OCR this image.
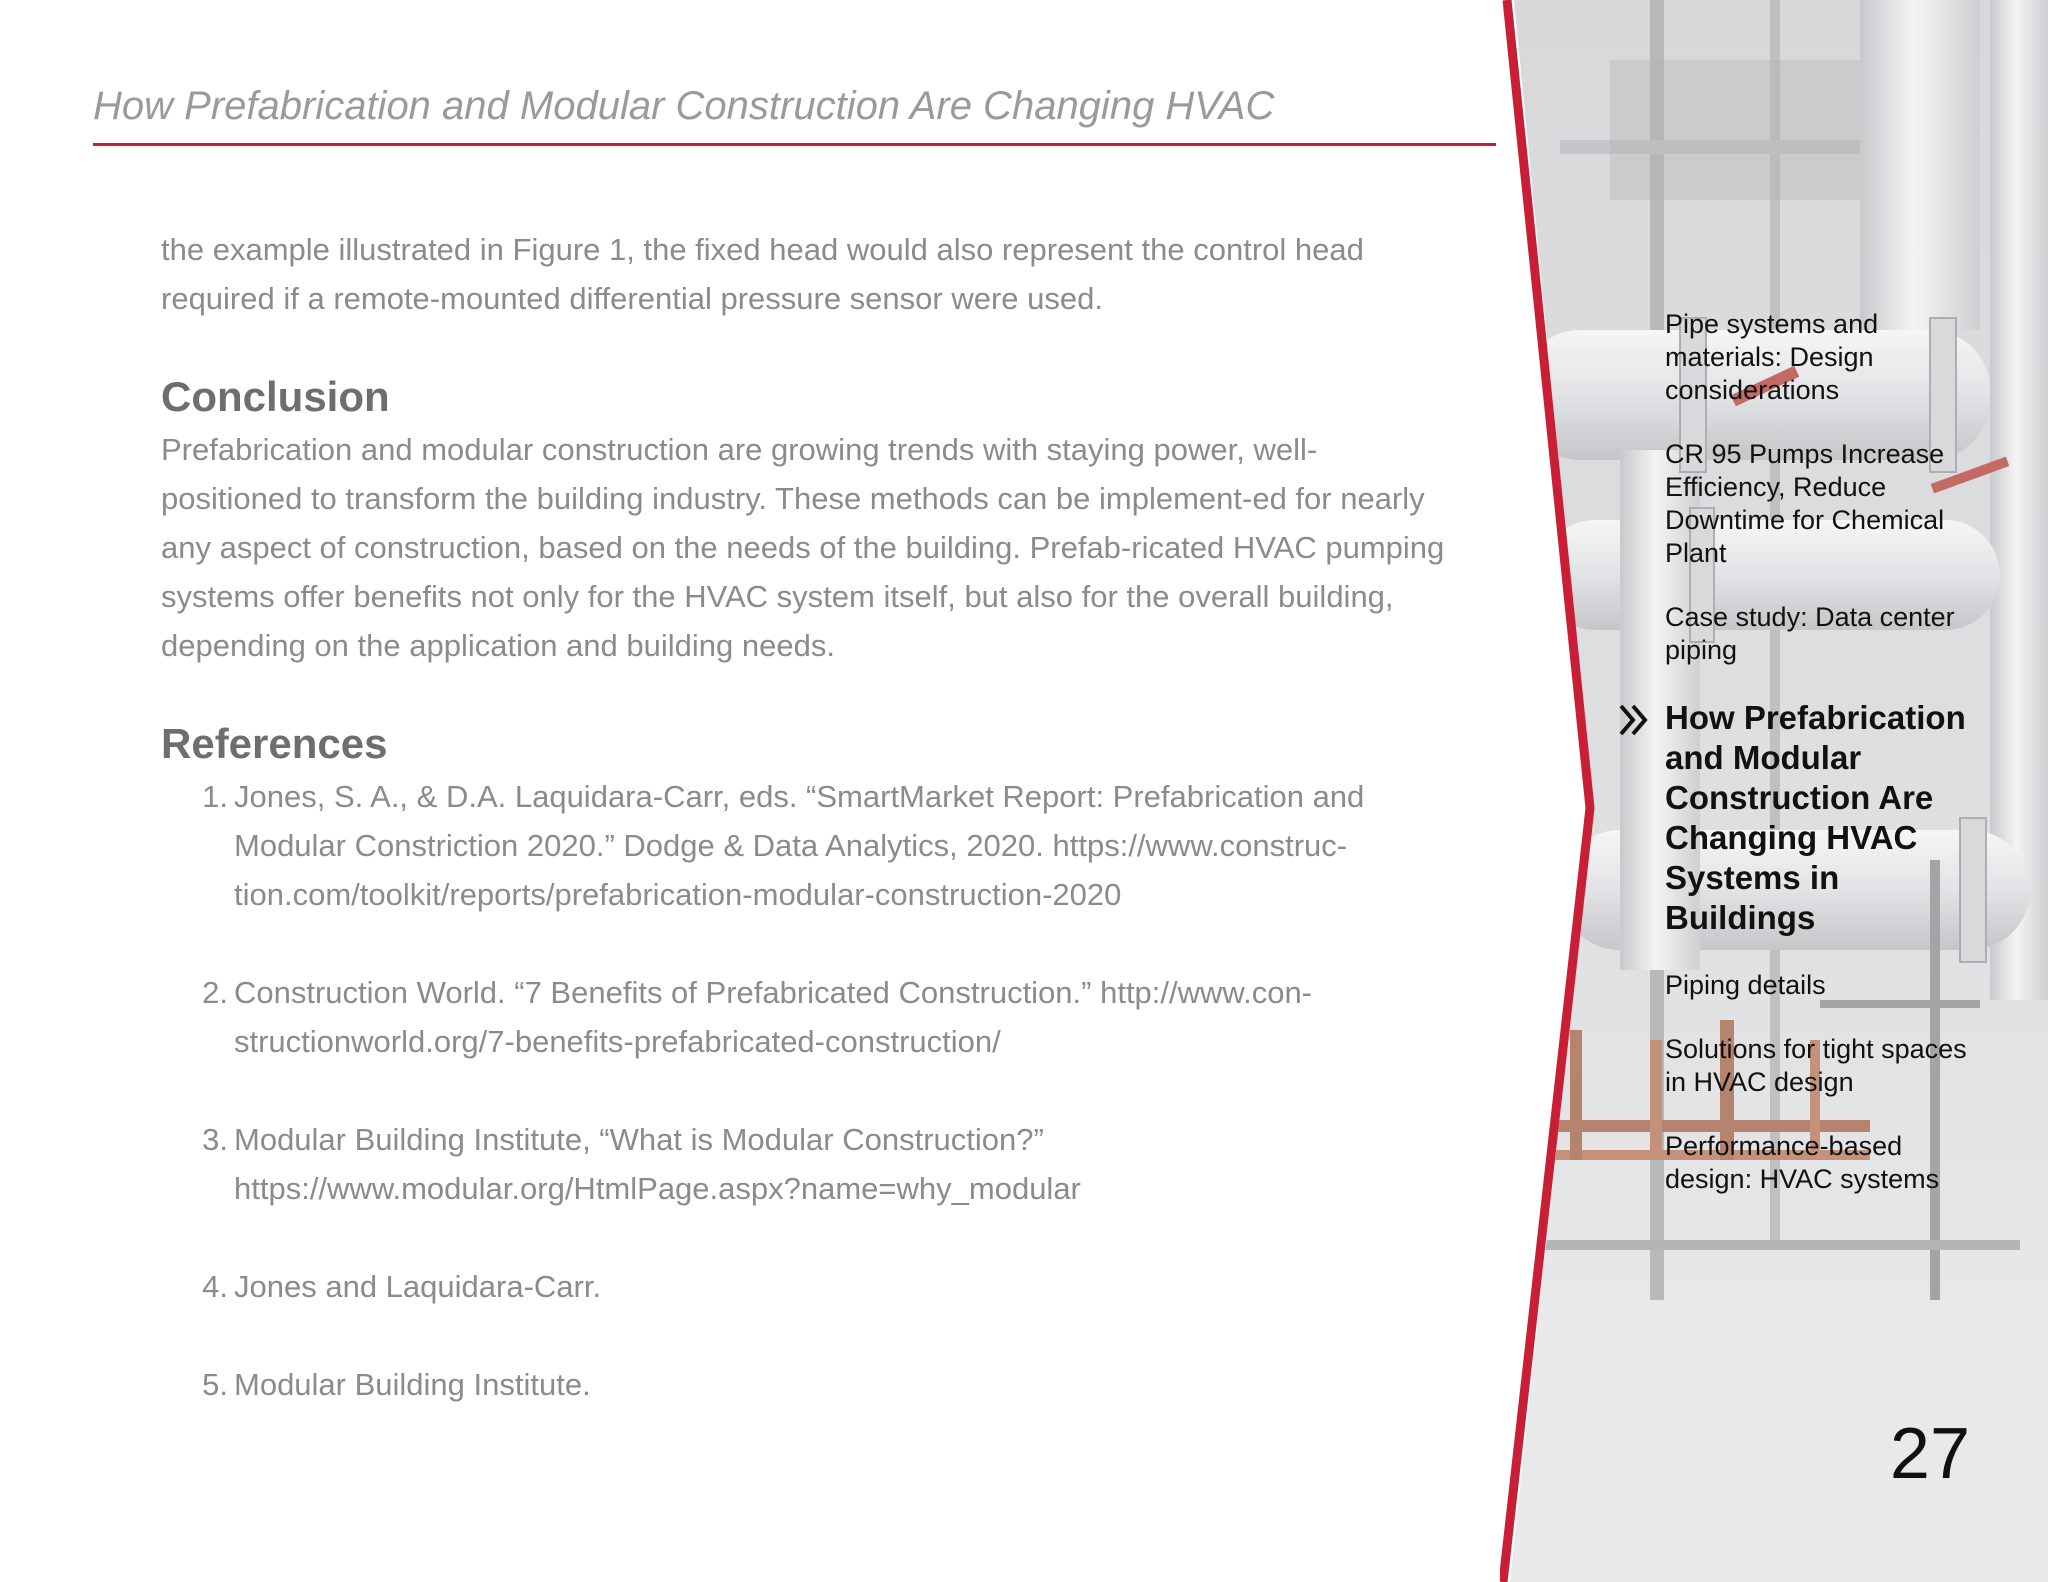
How Prefabrication and Modular Construction Are Changing HVAC

the example illustrated in Figure 1, the fixed head would also represent the control head required if a remote-mounted differential pressure sensor were used.

Conclusion

Prefabrication and modular construction are growing trends with staying power, well-positioned to transform the building industry. These methods can be implement-ed for nearly any aspect of construction, based on the needs of the building. Prefab-ricated HVAC pumping systems offer benefits not only for the HVAC system itself, but also for the overall building, depending on the application and building needs.

References
1. Jones, S. A., & D.A. Laquidara-Carr, eds. “SmartMarket Report: Prefabrication and Modular Constriction 2020.” Dodge & Data Analytics, 2020. https://www.construc-tion.com/toolkit/reports/prefabrication-modular-construction-2020
2. Construction World. “7 Benefits of Prefabricated Construction.” http://www.con-structionworld.org/7-benefits-prefabricated-construction/
3. Modular Building Institute, “What is Modular Construction?” https://www.modular.org/HtmlPage.aspx?name=why_modular
4. Jones and Laquidara-Carr.
5. Modular Building Institute.
Pipe systems and materials: Design considerations
CR 95 Pumps Increase Efficiency, Reduce Downtime for Chemical Plant
Case study: Data center piping
How Prefabrication and Modular Construction Are Changing HVAC Systems in Buildings
Piping details
Solutions for tight spaces in HVAC design
Performance-based design: HVAC systems
27
